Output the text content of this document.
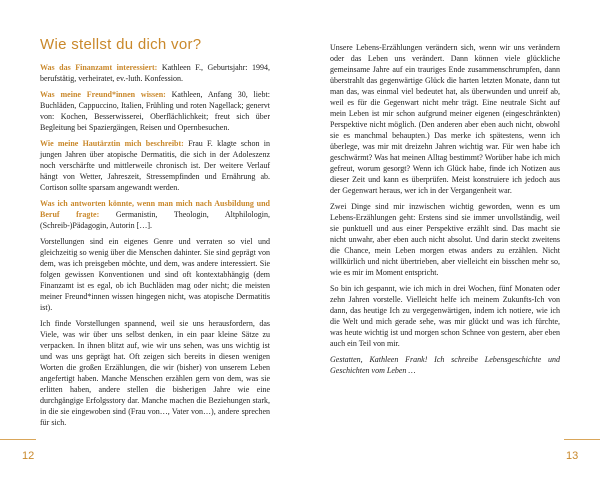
Wie stellst du dich vor?

Was das Finanzamt interessiert: Kathleen F., Geburtsjahr: 1994, berufstätig, verheiratet, ev.-luth. Konfession.

Was meine Freund*innen wissen: Kathleen, Anfang 30, liebt: Buchläden, Cappuccino, Italien, Frühling und roten Nagellack; genervt von: Kochen, Besserwisserei, Oberflächlichkeit; freut sich über Begleitung bei Spaziergängen, Reisen und Opernbesuchen.

Wie meine Hautärztin mich beschreibt: Frau F. klagte schon in jungen Jahren über atopische Dermatitis, die sich in der Adoleszenz noch verschärfte und mittlerweile chronisch ist. Der weitere Verlauf hängt von Wetter, Jahreszeit, Stressempfinden und Ernährung ab. Cortison sollte sparsam angewandt werden.

Was ich antworten könnte, wenn man mich nach Ausbildung und Beruf fragte: Germanistin, Theologin, Altphilologin, (Schreib-)Pädagogin, Autorin […].

Vorstellungen sind ein eigenes Genre und verraten so viel und gleichzeitig so wenig über die Menschen dahinter. Sie sind geprägt von dem, was ich preisgeben möchte, und dem, was andere interessiert. Sie folgen gewissen Konventionen und sind oft kontextabhängig (dem Finanzamt ist es egal, ob ich Buchläden mag oder nicht; die meisten meiner Freund*innen wissen hingegen nicht, was atopische Dermatitis ist).

Ich finde Vorstellungen spannend, weil sie uns herausfordern, das Viele, was wir über uns selbst denken, in ein paar kleine Sätze zu verpacken. In ihnen blitzt auf, wie wir uns sehen, was uns wichtig ist und was uns geprägt hat. Oft zeigen sich bereits in diesen wenigen Worten die großen Erzählungen, die wir (bisher) von unserem Leben angefertigt haben. Manche Menschen erzählen gern von dem, was sie erlitten haben, andere stellen die bisherigen Jahre wie eine durchgängige Erfolgsstory dar. Manche machen die Beziehungen stark, in die sie eingewoben sind (Frau von…, Vater von…), andere sprechen für sich.

Unsere Lebens-Erzählungen verändern sich, wenn wir uns verändern oder das Leben uns verändert. Dann können viele glückliche gemeinsame Jahre auf ein trauriges Ende zusammenschrumpfen, dann überstrahlt das gegenwärtige Glück die harten letzten Monate, dann tut man das, was einmal viel bedeutet hat, als überwunden und unreif ab, weil es für die Gegenwart nicht mehr trägt. Eine neutrale Sicht auf mein Leben ist mir schon aufgrund meiner eigenen (eingeschränkten) Perspektive nicht möglich. (Den anderen aber eben auch nicht, obwohl sie es manchmal behaupten.) Das merke ich spätestens, wenn ich überlege, was mir mit dreizehn Jahren wichtig war. Für wen habe ich geschwärmt? Was hat meinen Alltag bestimmt? Worüber habe ich mich gefreut, worum gesorgt? Wenn ich Glück habe, finde ich Notizen aus dieser Zeit und kann es überprüfen. Meist konstruiere ich jedoch aus der Gegenwart heraus, wer ich in der Vergangenheit war.

Zwei Dinge sind mir inzwischen wichtig geworden, wenn es um Lebens-Erzählungen geht: Erstens sind sie immer unvollständig, weil sie punktuell und aus einer Perspektive erzählt sind. Das macht sie nicht unwahr, aber eben auch nicht absolut. Und darin steckt zweitens die Chance, mein Leben morgen etwas anders zu erzählen. Nicht willkürlich und nicht übertrieben, aber vielleicht ein bisschen mehr so, wie es mir im Moment entspricht.

So bin ich gespannt, wie ich mich in drei Wochen, fünf Monaten oder zehn Jahren vorstelle. Vielleicht helfe ich meinem Zukunfts-Ich von dann, das heutige Ich zu vergegenwärtigen, indem ich notiere, wie ich die Welt und mich gerade sehe, was mir glückt und was ich fürchte, was heute wichtig ist und morgen schon Schnee von gestern, aber eben auch ein Teil von mir.

Gestatten, Kathleen Frank! Ich schreibe Lebensgeschichte und Geschichten vom Leben …

12	13
